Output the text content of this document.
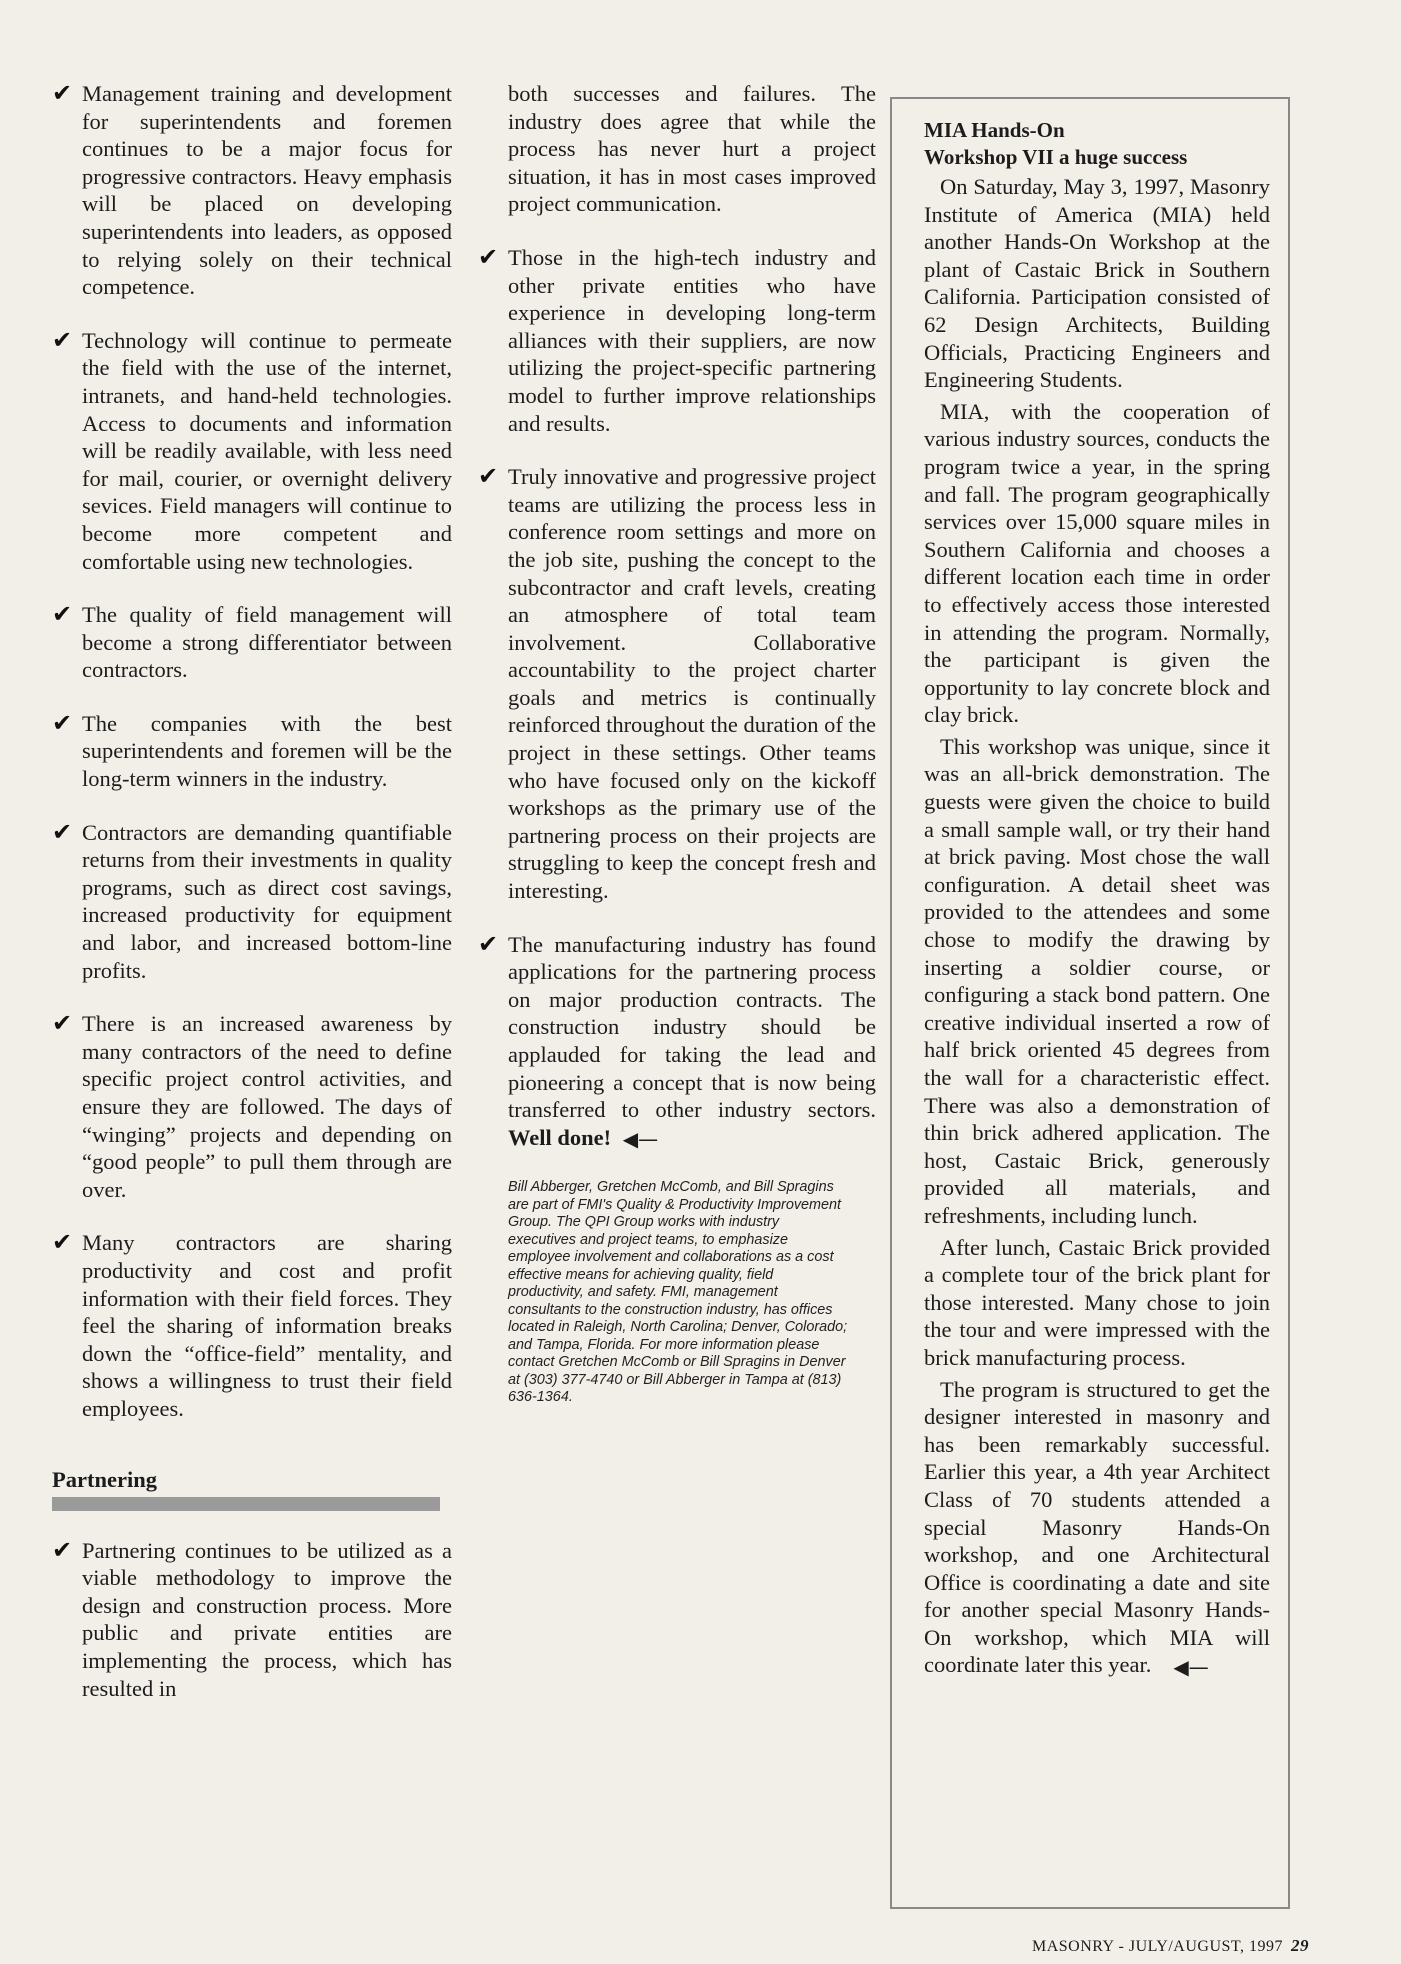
✔ Management training and development for superintendents and foremen continues to be a major focus for progressive contractors. Heavy emphasis will be placed on developing superintendents into leaders, as opposed to relying solely on their technical competence.
✔ Technology will continue to permeate the field with the use of the internet, intranets, and hand-held technologies. Access to documents and information will be readily available, with less need for mail, courier, or overnight delivery sevices. Field managers will continue to become more competent and comfortable using new technologies.
✔ The quality of field management will become a strong differentiator between contractors.
✔ The companies with the best superintendents and foremen will be the long-term winners in the industry.
✔ Contractors are demanding quantifiable returns from their investments in quality programs, such as direct cost savings, increased productivity for equipment and labor, and increased bottom-line profits.
✔ There is an increased awareness by many contractors of the need to define specific project control activities, and ensure they are followed. The days of “winging” projects and depending on “good people” to pull them through are over.
✔ Many contractors are sharing productivity and cost and profit information with their field forces. They feel the sharing of information breaks down the “office-field” mentality, and shows a willingness to trust their field employees.
Partnering
✔ Partnering continues to be utilized as a viable methodology to improve the design and construction process. More public and private entities are implementing the process, which has resulted in
both successes and failures. The industry does agree that while the process has never hurt a project situation, it has in most cases improved project communication.
✔ Those in the high-tech industry and other private entities who have experience in developing long-term alliances with their suppliers, are now utilizing the project-specific partnering model to further improve relationships and results.
✔ Truly innovative and progressive project teams are utilizing the process less in conference room settings and more on the job site, pushing the concept to the subcontractor and craft levels, creating an atmosphere of total team involvement. Collaborative accountability to the project charter goals and metrics is continually reinforced throughout the duration of the project in these settings. Other teams who have focused only on the kickoff workshops as the primary use of the partnering process on their projects are struggling to keep the concept fresh and interesting.
✔ The manufacturing industry has found applications for the partnering process on major production contracts. The construction industry should be applauded for taking the lead and pioneering a concept that is now being transferred to other industry sectors. Well done! ◀—
Bill Abberger, Gretchen McComb, and Bill Spragins are part of FMI's Quality & Productivity Improvement Group. The QPI Group works with industry executives and project teams, to emphasize employee involvement and collaborations as a cost effective means for achieving quality, field productivity, and safety. FMI, management consultants to the construction industry, has offices located in Raleigh, North Carolina; Denver, Colorado; and Tampa, Florida. For more information please contact Gretchen McComb or Bill Spragins in Denver at (303) 377-4740 or Bill Abberger in Tampa at (813) 636-1364.
MIA Hands-On
Workshop VII a huge success

On Saturday, May 3, 1997, Masonry Institute of America (MIA) held another Hands-On Workshop at the plant of Castaic Brick in Southern California. Participation consisted of 62 Design Architects, Building Officials, Practicing Engineers and Engineering Students.

MIA, with the cooperation of various industry sources, conducts the program twice a year, in the spring and fall. The program geographically services over 15,000 square miles in Southern California and chooses a different location each time in order to effectively access those interested in attending the program. Normally, the participant is given the opportunity to lay concrete block and clay brick.

This workshop was unique, since it was an all-brick demonstration. The guests were given the choice to build a small sample wall, or try their hand at brick paving. Most chose the wall configuration. A detail sheet was provided to the attendees and some chose to modify the drawing by inserting a soldier course, or configuring a stack bond pattern. One creative individual inserted a row of half brick oriented 45 degrees from the wall for a characteristic effect. There was also a demonstration of thin brick adhered application. The host, Castaic Brick, generously provided all materials, and refreshments, including lunch.

After lunch, Castaic Brick provided a complete tour of the brick plant for those interested. Many chose to join the tour and were impressed with the brick manufacturing process.

The program is structured to get the designer interested in masonry and has been remarkably successful. Earlier this year, a 4th year Architect Class of 70 students attended a special Masonry Hands-On workshop, and one Architectural Office is coordinating a date and site for another special Masonry Hands-On workshop, which MIA will coordinate later this year. ◀—

MASONRY - JULY/AUGUST, 1997 29
